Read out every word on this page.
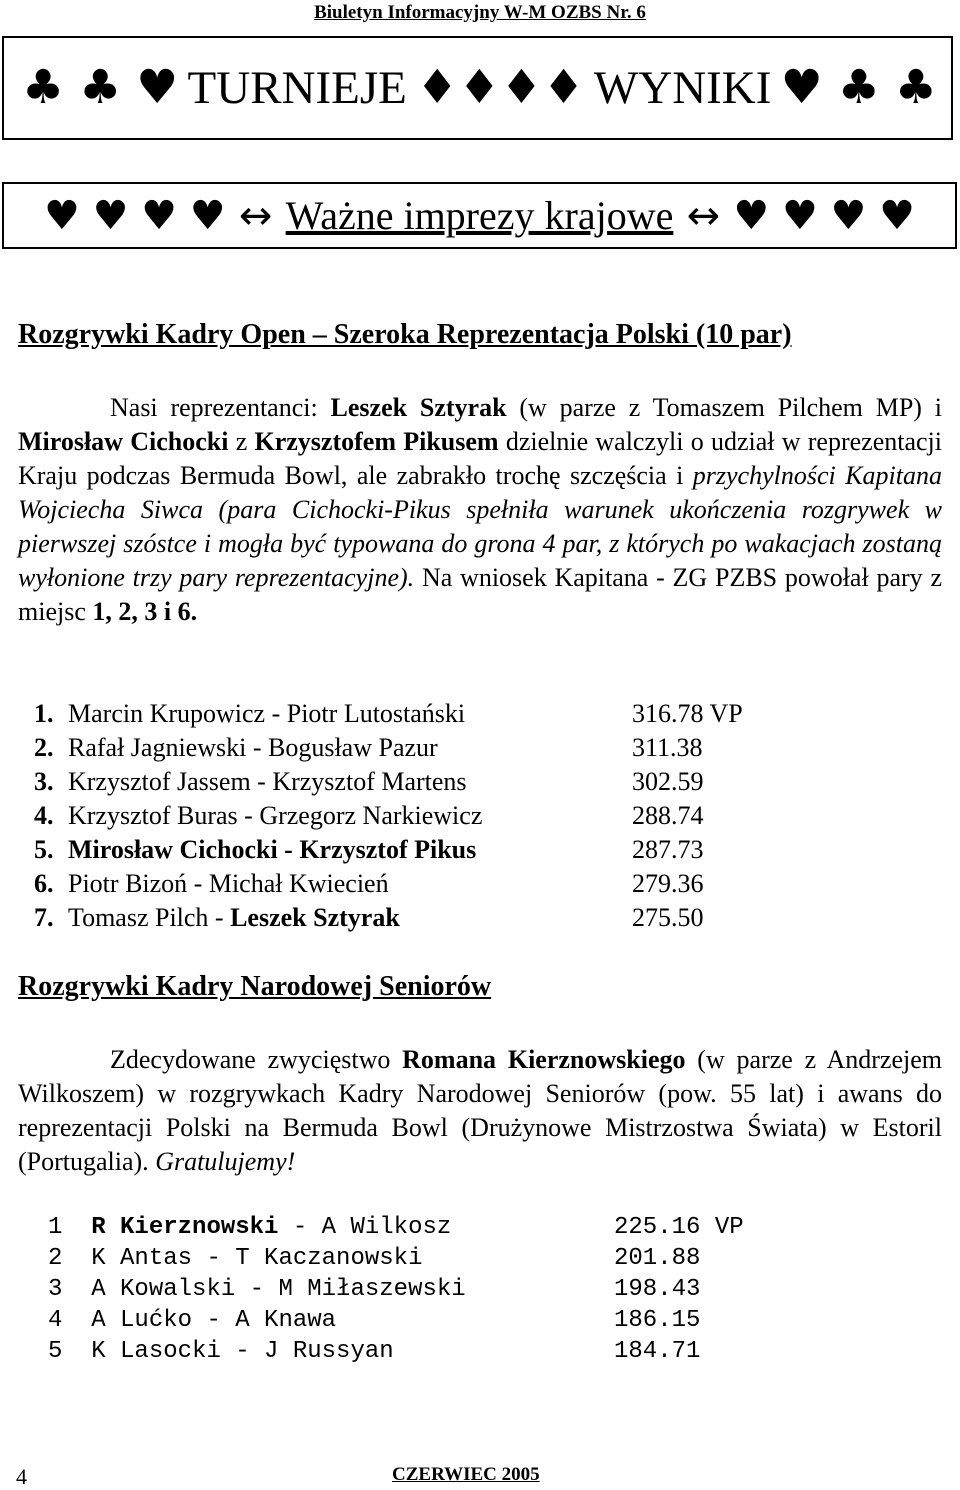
Biuletyn Informacyjny W-M OZBS Nr. 6
♣ ♣ ♥ TURNIEJE ♦♦♦♦ WYNIKI ♥ ♣ ♣
♥ ♥ ♥ ♥ ↔ Ważne imprezy krajowe ↔ ♥ ♥ ♥ ♥
Rozgrywki Kadry Open – Szeroka Reprezentacja Polski (10 par)
Nasi reprezentanci: Leszek Sztyrak (w parze z Tomaszem Pilchem MP) i Mirosław Cichocki z Krzysztofem Pikusem dzielnie walczyli o udział w reprezentacji Kraju podczas Bermuda Bowl, ale zabrakło trochę szczęścia i przychylności Kapitana Wojciecha Siwca (para Cichocki-Pikus spełniła warunek ukończenia rozgrywek w pierwszej szóstce i mogła być typowana do grona 4 par, z których po wakacjach zostaną wyłonione trzy pary reprezentacyjne). Na wniosek Kapitana - ZG PZBS powołał pary z miejsc 1, 2, 3 i 6.
1. Marcin Krupowicz - Piotr Lutostański	316.78 VP
2. Rafał Jagniewski - Bogusław Pazur	311.38
3. Krzysztof Jassem - Krzysztof Martens	302.59
4. Krzysztof Buras - Grzegorz Narkiewicz	288.74
5. Mirosław Cichocki - Krzysztof Pikus	287.73
6. Piotr Bizoń - Michał Kwiecień	279.36
7. Tomasz Pilch - Leszek Sztyrak	275.50
Rozgrywki Kadry Narodowej Seniorów
Zdecydowane zwycięstwo Romana Kierznowskiego (w parze z Andrzejem Wilkoszem) w rozgrywkach Kadry Narodowej Seniorów (pow. 55 lat) i awans do reprezentacji Polski na Bermuda Bowl (Drużynowe Mistrzostwa Świata) w Estoril (Portugalia). Gratulujemy!
1 R Kierznowski - A Wilkosz	225.16 VP
2 K Antas - T Kaczanowski	201.88
3 A Kowalski - M Miłaszewski	198.43
4 A Lućko - A Knawa	186.15
5 K Lasocki - J Russyan	184.71
4	CZERWIEC 2005
